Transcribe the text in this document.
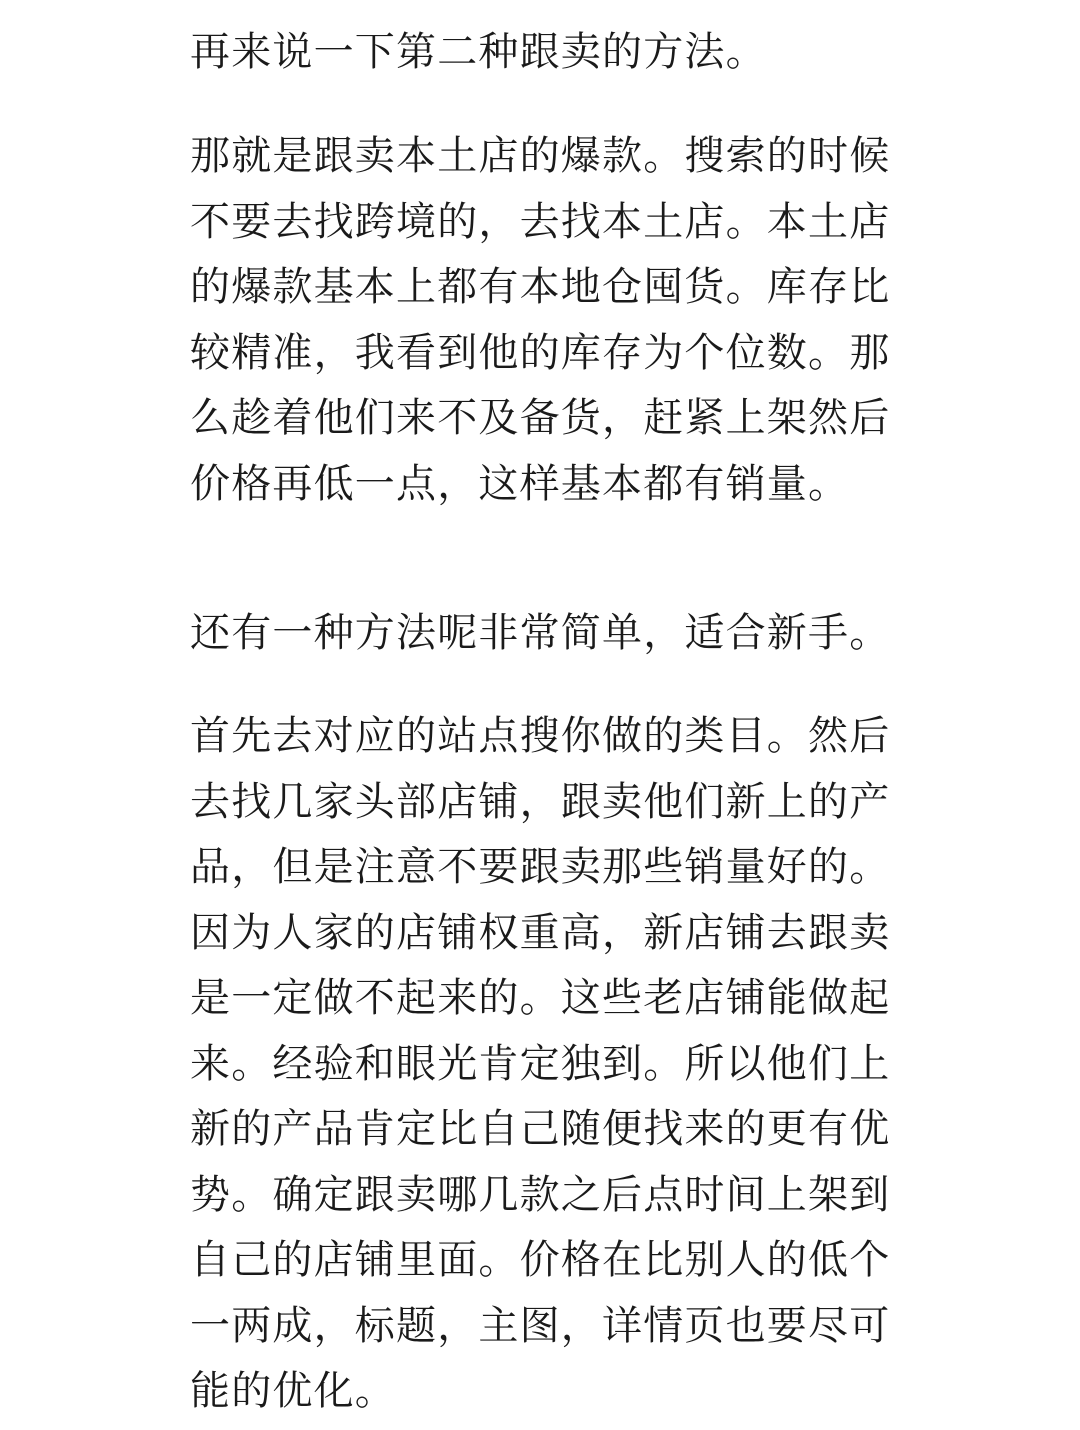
再来说一下第二种跟卖的方法。

那就是跟卖本土店的爆款。搜索的时候
不要去找跨境的，去找本土店。本土店
的爆款基本上都有本地仓囤货。库存比
较精准，我看到他的库存为个位数。那
么趁着他们来不及备货，赶紧上架然后
价格再低一点，这样基本都有销量。

还有一种方法呢非常简单，适合新手。

首先去对应的站点搜你做的类目。然后
去找几家头部店铺，跟卖他们新上的产
品，但是注意不要跟卖那些销量好的。
因为人家的店铺权重高，新店铺去跟卖
是一定做不起来的。这些老店铺能做起
来。经验和眼光肯定独到。所以他们上
新的产品肯定比自己随便找来的更有优
势。确定跟卖哪几款之后点时间上架到
自己的店铺里面。价格在比别人的低个
一两成，标题，主图，详情页也要尽可
能的优化。
